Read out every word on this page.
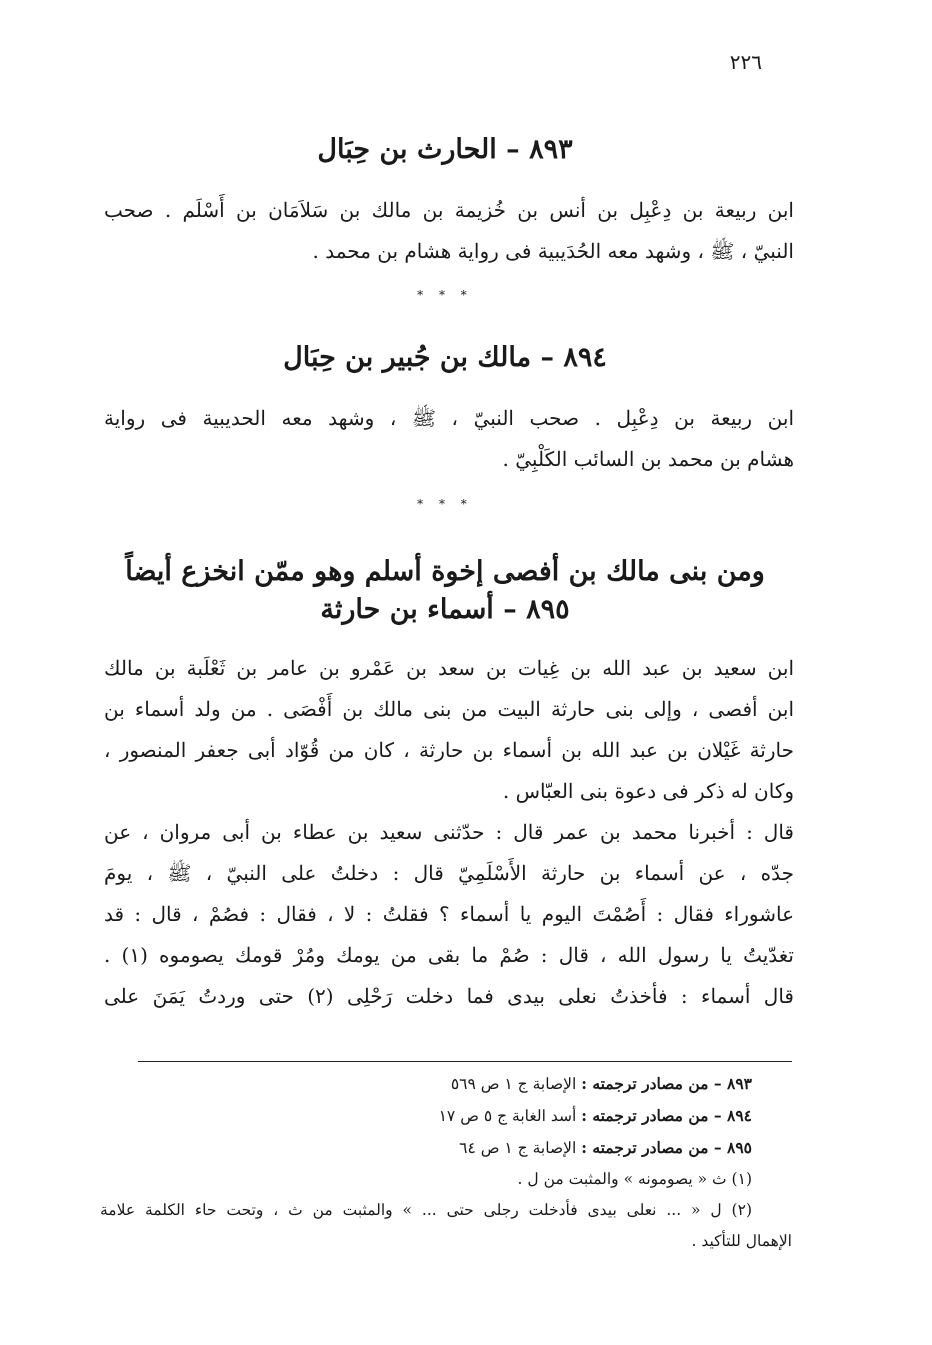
٢٢٦
٨٩٣ – الحارث بن حِبَال
ابن ربيعة بن دِعْبِل بن أنس بن خُزيمة بن مالك بن سَلاَمَان بن أَسْلَم . صحب
النبيّ ، ﷺ ، وشهد معه الحُدَيبية فى رواية هشام بن محمد .
* * *
٨٩٤ – مالك بن جُبير بن حِبَال
ابن ربيعة بن دِعْبِل . صحب النبيّ ، ﷺ ، وشهد معه الحديبية فى رواية
هشام بن محمد بن السائب الكَلْبِيّ .
* * *
ومن بنى مالك بن أفصى إخوة أسلم وهو ممّن انخزع أيضاً
٨٩٥ – أسماء بن حارثة
ابن سعيد بن عبد الله بن غِيات بن سعد بن عَمْرو بن عامر بن ثَعْلَبة بن مالك
ابن أفصى ، وإلى بنى حارثة البيت من بنى مالك بن أَفْصَى . من ولد أسماء بن
حارثة غَيْلان بن عبد الله بن أسماء بن حارثة ، كان من قُوّاد أبى جعفر المنصور ،
وكان له ذكر فى دعوة بنى العبّاس .
قال : أخبرنا محمد بن عمر قال : حدّثنى سعيد بن عطاء بن أبى مروان ، عن
جدّه ، عن أسماء بن حارثة الأَسْلَمِيّ قال : دخلتُ على النبيّ ، ﷺ ، يومَ
عاشوراء فقال : أَصُمْتَ اليوم يا أسماء ؟ فقلتُ : لا ، فقال : فصُمْ ، قال : قد
تغدّيتُ يا رسول الله ، قال : صُمْ ما بقى من يومك ومُرْ قومك يصوموه (١) .
قال أسماء : فأخذتُ نعلى بيدى فما دخلت رَحْلِى (٢) حتى وردتُ يَمَنَ على
٨٩٣ – من مصادر ترجمته : الإصابة ج ١ ص ٥٦٩
٨٩٤ – من مصادر ترجمته : أسد الغابة ج ٥ ص ١٧
٨٩٥ – من مصادر ترجمته : الإصابة ج ١ ص ٦٤
(١) ث « يصومونه » والمثبت من ل .
(٢) ل « ... نعلى بيدى فأدخلت رجلى حتى ... » والمثبت من ث ، وتحت حاء الكلمة علامة
الإهمال للتأكيد .
